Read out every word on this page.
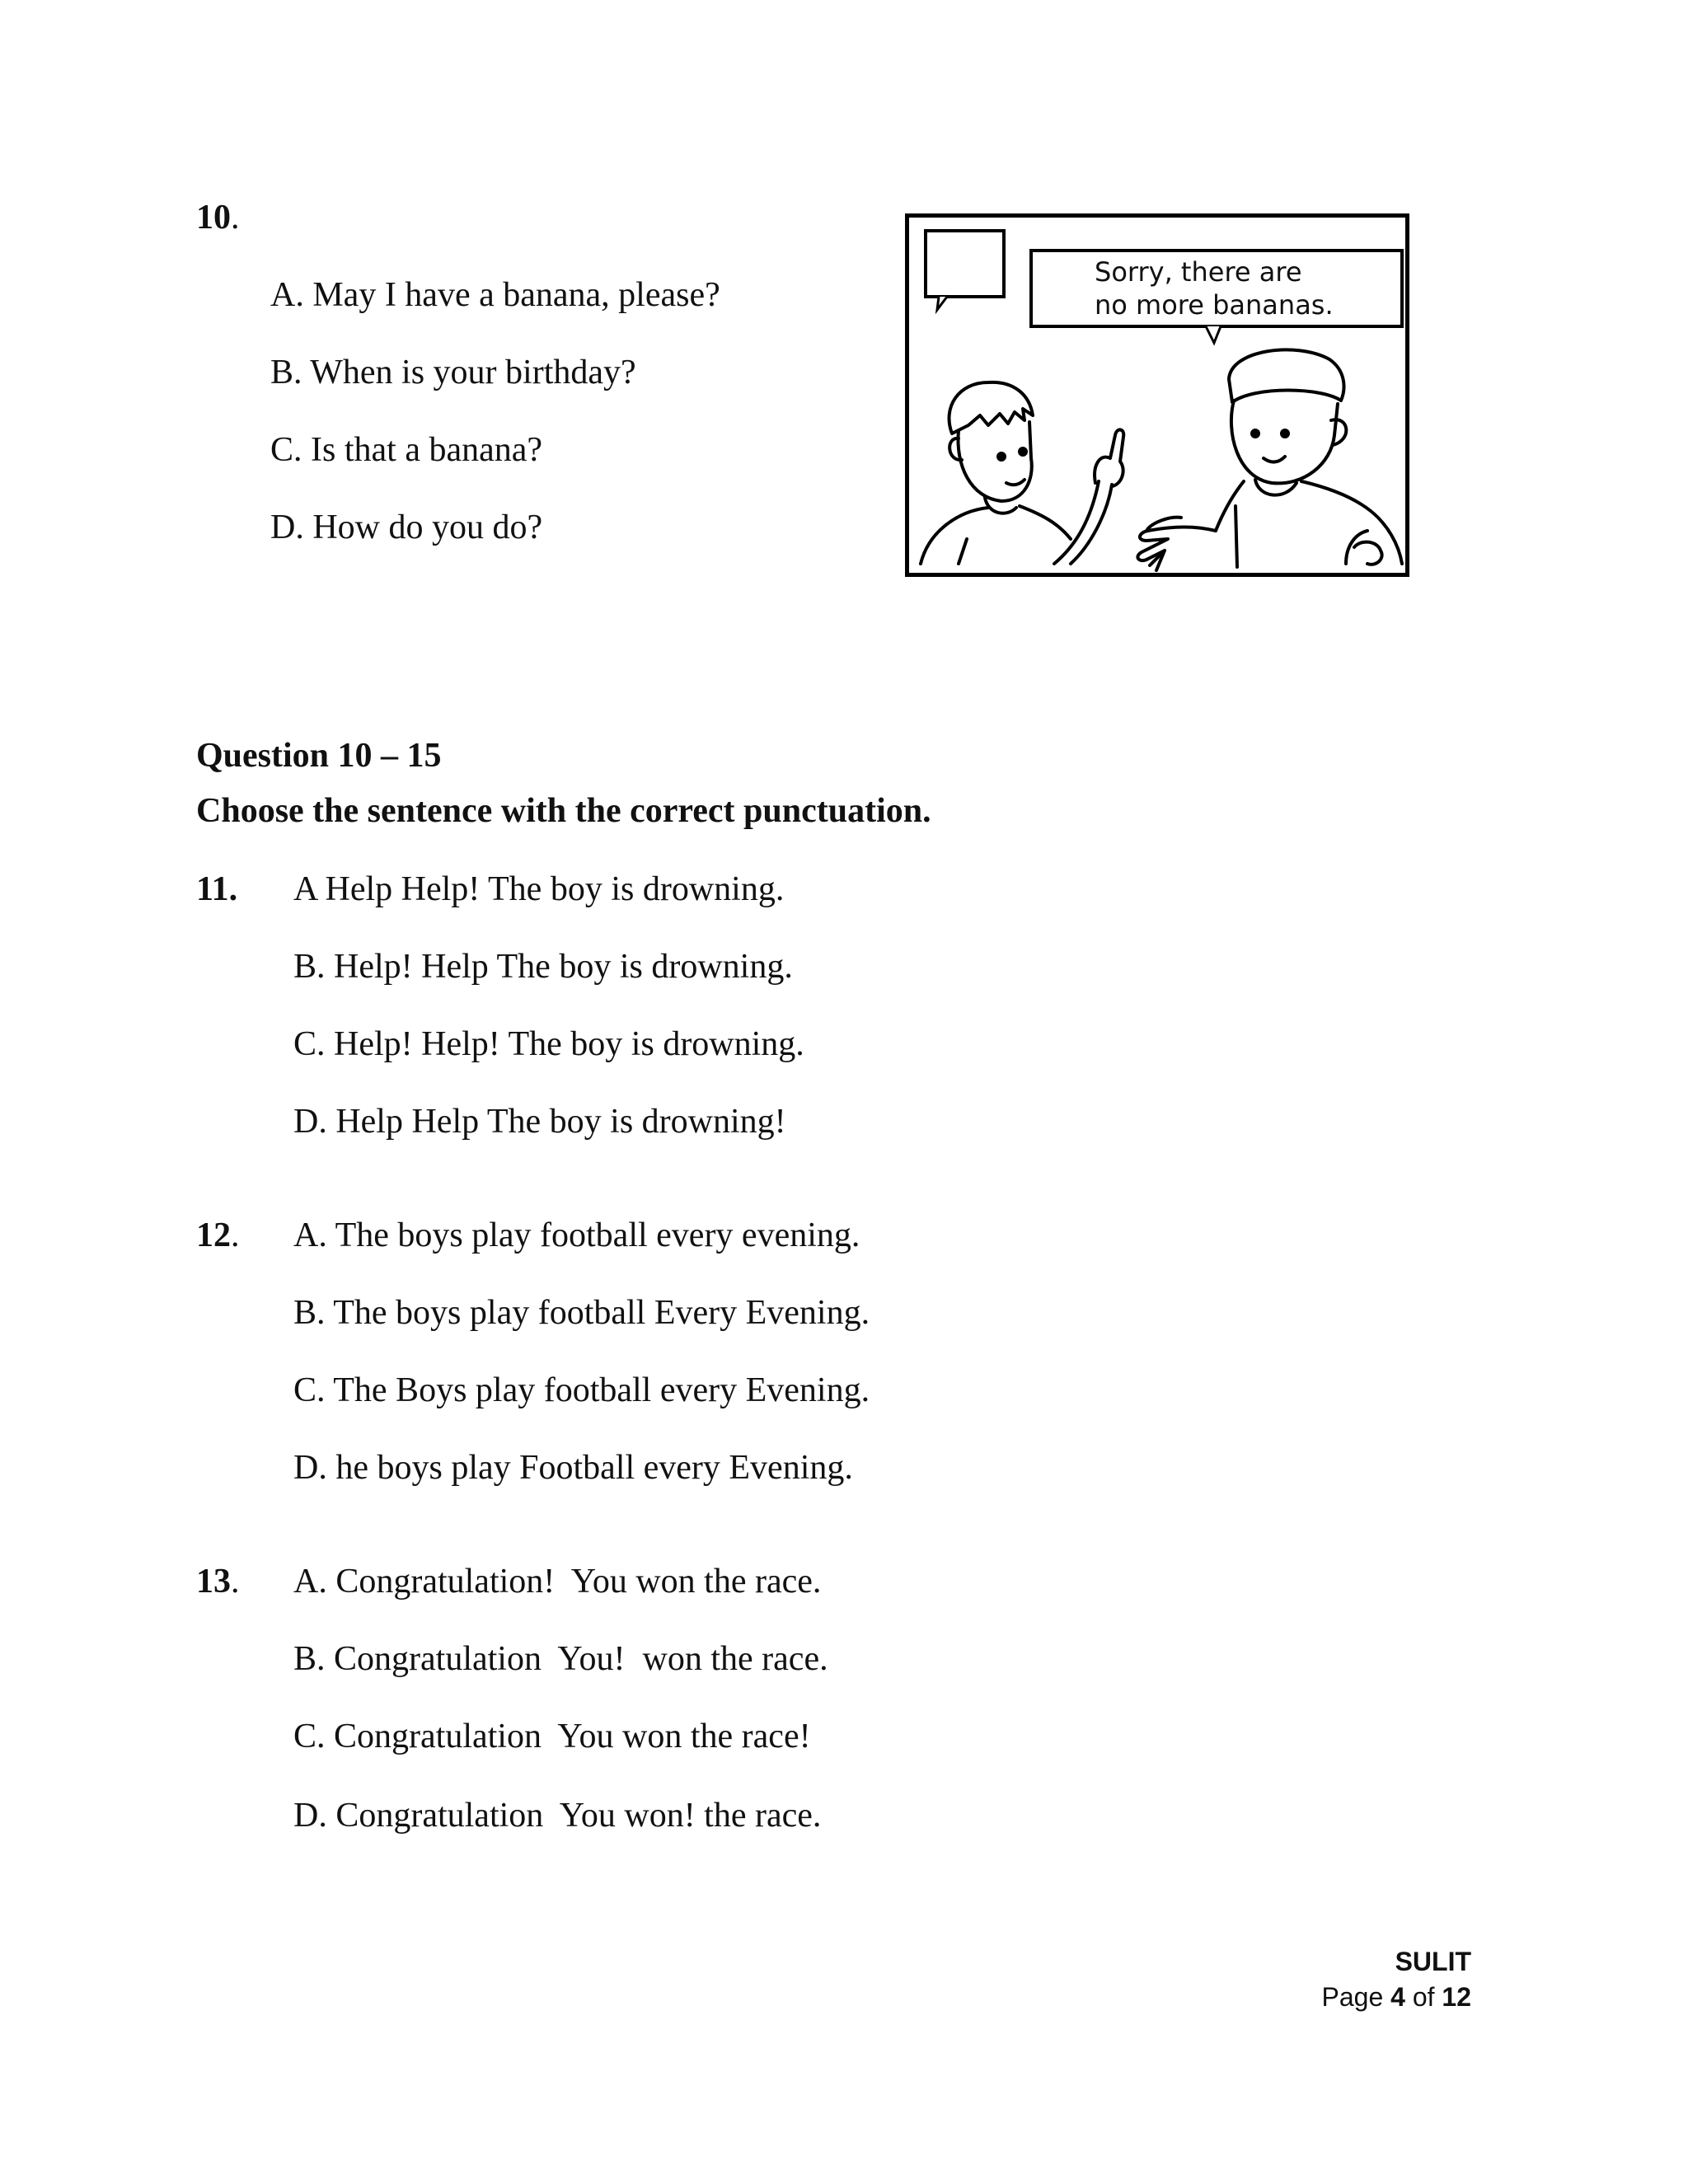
10.
A. May I have a banana, please?
B. When is your birthday?
C. Is that a banana?
D. How do you do?
Sorry, there are no more bananas.
Question 10 – 15
Choose the sentence with the correct punctuation.
11. A Help Help! The boy is drowning.
B. Help! Help The boy is drowning.
C. Help! Help! The boy is drowning.
D. Help Help The boy is drowning!
12. A. The boys play football every evening.
B. The boys play football Every Evening.
C. The Boys play football every Evening.
D. he boys play Football every Evening.
13. A. Congratulation!  You won the race.
B. Congratulation  You!  won the race.
C. Congratulation  You won the race!
D. Congratulation  You won! the race.
SULIT
Page 4 of 12
